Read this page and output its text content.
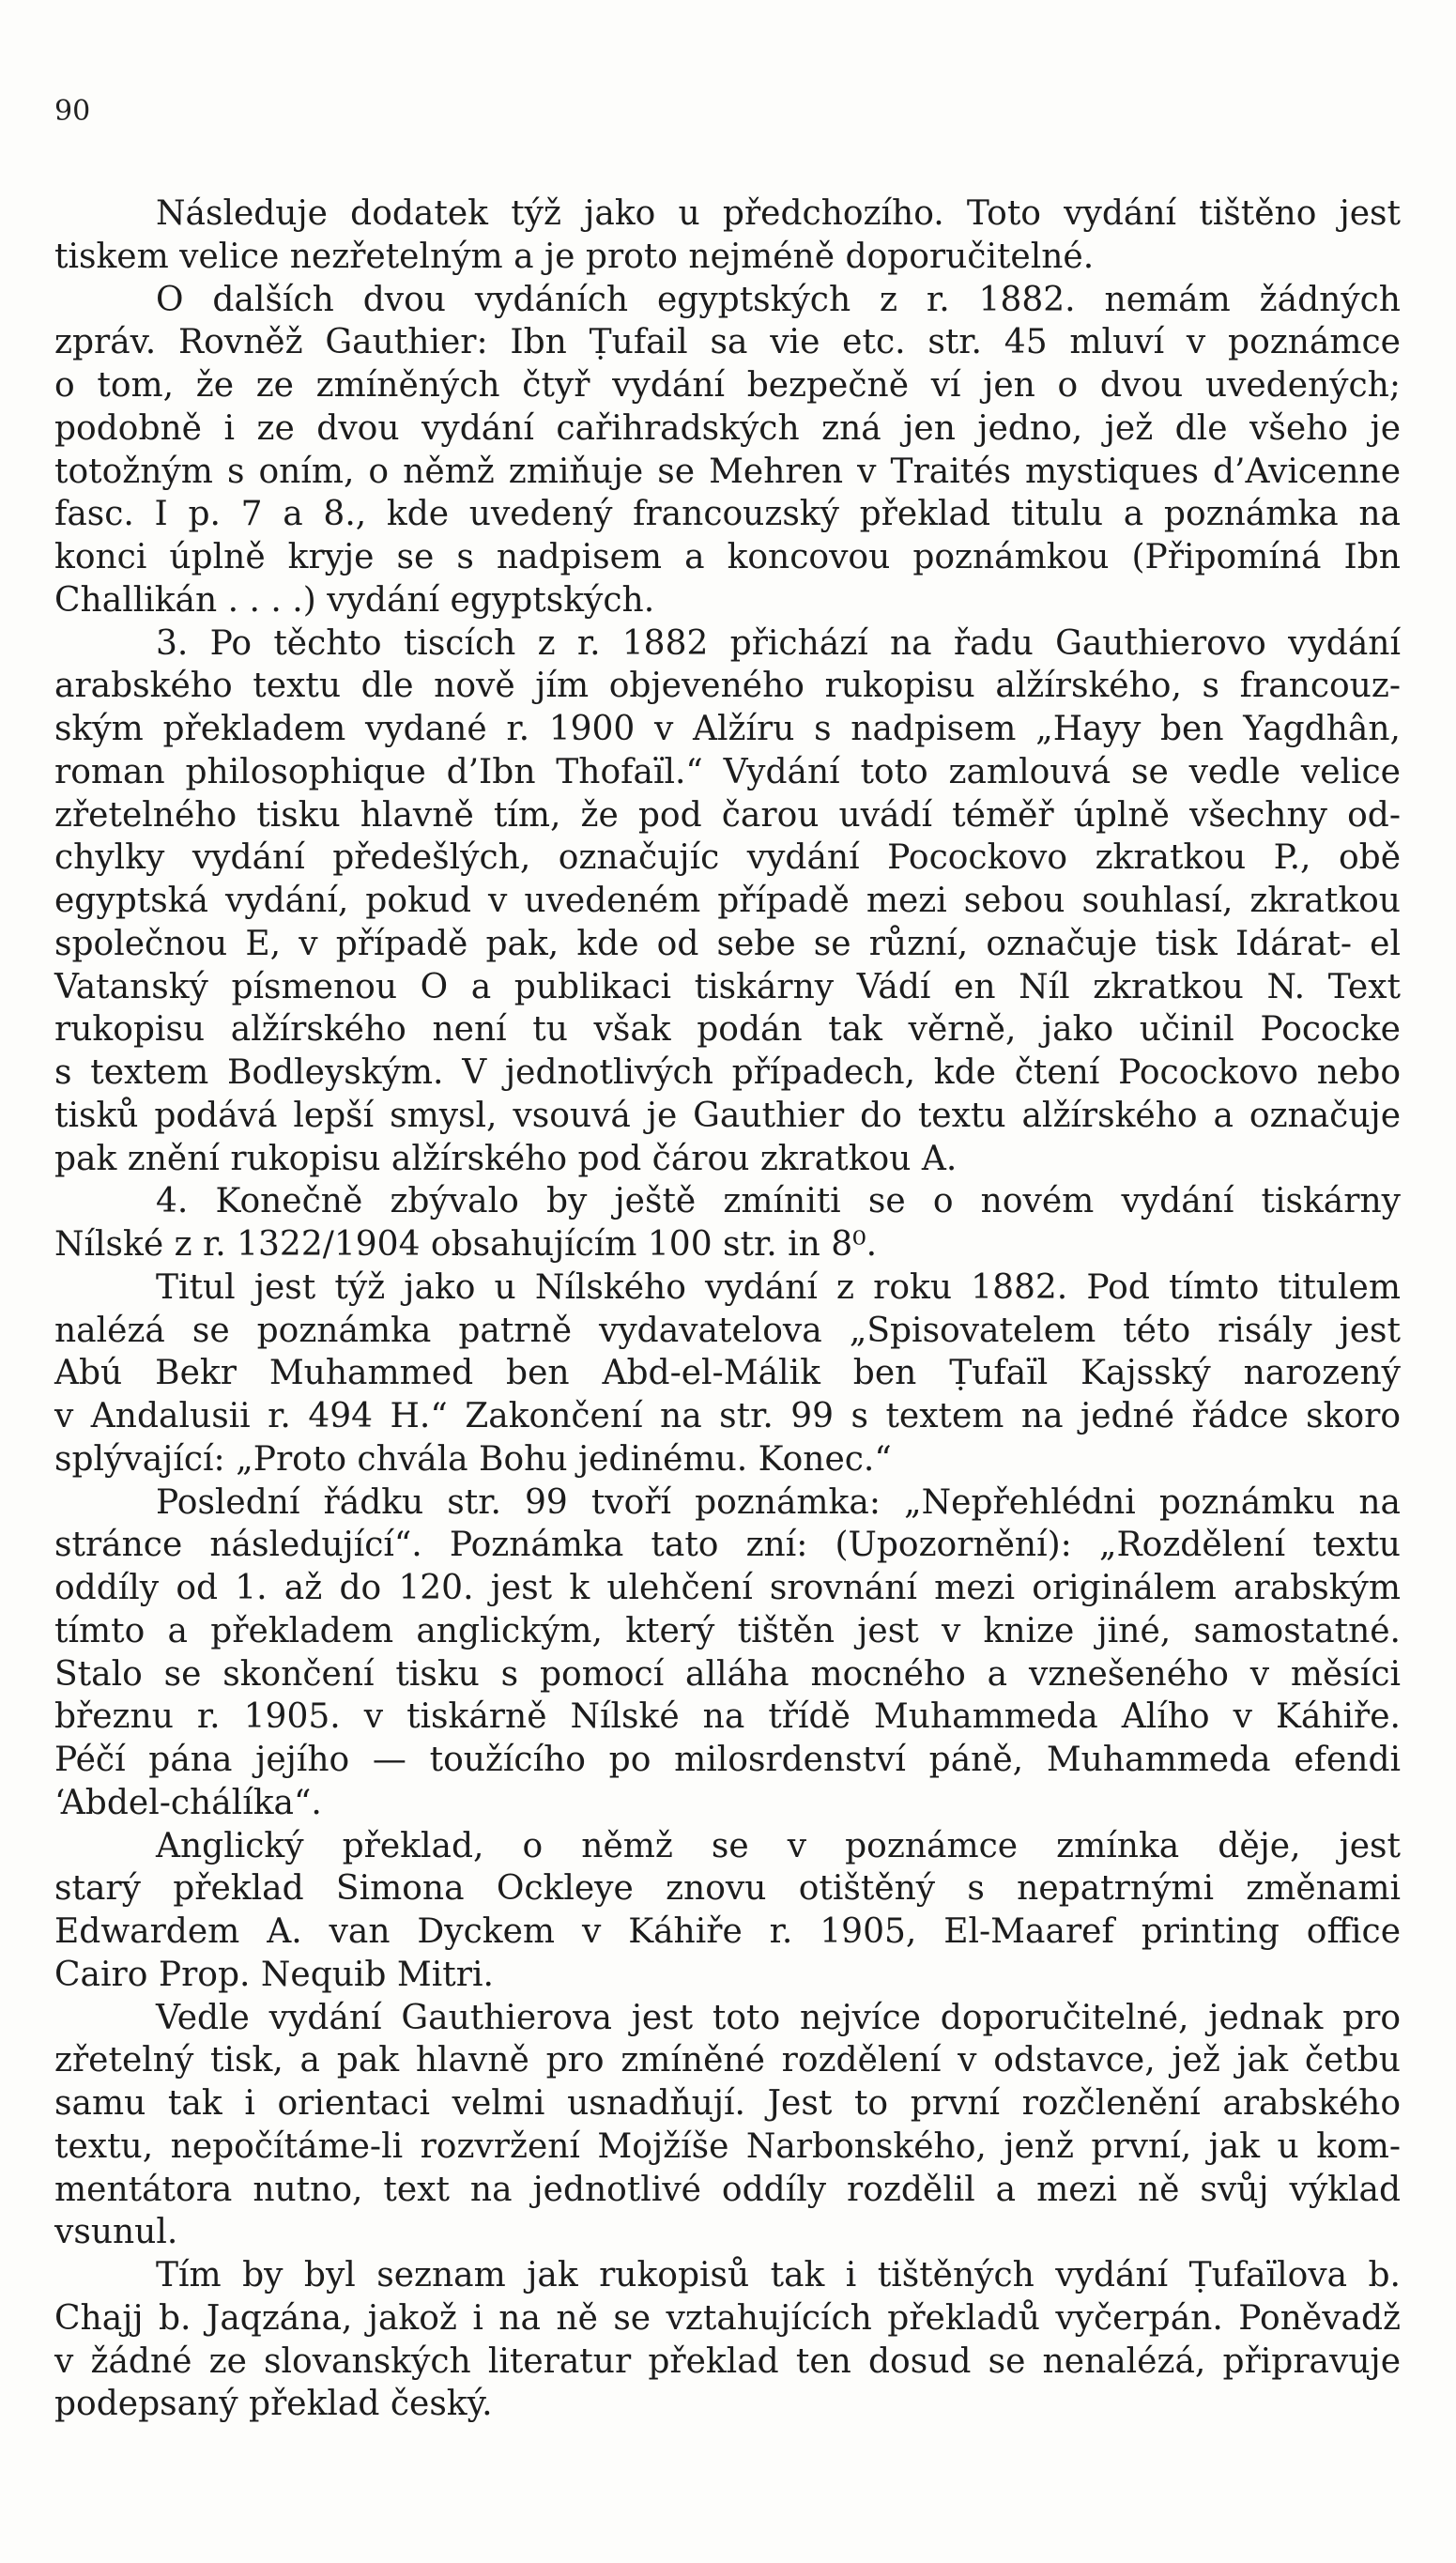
90
Následuje dodatek týž jako u předchozího. Toto vydání tištěno jest
tiskem velice nezřetelným a je proto nejméně doporučitelné.
O dalších dvou vydáních egyptských z r. 1882. nemám žádných
zpráv. Rovněž Gauthier: Ibn Ṭufail sa vie etc. str. 45 mluví v poznámce
o tom, že ze zmíněných čtyř vydání bezpečně ví jen o dvou uvedených;
podobně i ze dvou vydání cařihradských zná jen jedno, jež dle všeho je
totožným s oním, o němž zmiňuje se Mehren v Traités mystiques d’Avicenne
fasc. I p. 7 a 8., kde uvedený francouzský překlad titulu a poznámka na
konci úplně kryje se s nadpisem a koncovou poznámkou (Připomíná Ibn
Challikán . . . .) vydání egyptských.
3. Po těchto tiscích z r. 1882 přichází na řadu Gauthierovo vydání
arabského textu dle nově jím objeveného rukopisu alžírského, s francouz-
ským překladem vydané r. 1900 v Alžíru s nadpisem „Hayy ben Yagdhân,
roman philosophique d’Ibn Thofaïl.“ Vydání toto zamlouvá se vedle velice
zřetelného tisku hlavně tím, že pod čarou uvádí téměř úplně všechny od-
chylky vydání předešlých, označujíc vydání Pocockovo zkratkou P., obě
egyptská vydání, pokud v uvedeném případě mezi sebou souhlasí, zkratkou
společnou E, v případě pak, kde od sebe se různí, označuje tisk Idárat- el
Vatanský písmenou O a publikaci tiskárny Vádí en Níl zkratkou N. Text
rukopisu alžírského není tu však podán tak věrně, jako učinil Pococke
s textem Bodleyským. V jednotlivých případech, kde čtení Pocockovo nebo
tisků podává lepší smysl, vsouvá je Gauthier do textu alžírského a označuje
pak znění rukopisu alžírského pod čárou zkratkou A.
4. Konečně zbývalo by ještě zmíniti se o novém vydání tiskárny
Nílské z r. 1322/1904 obsahujícím 100 str. in 8⁰.
Titul jest týž jako u Nílského vydání z roku 1882. Pod tímto titulem
nalézá se poznámka patrně vydavatelova „Spisovatelem této risály jest
Abú Bekr Muhammed ben Abd-el-Málik ben Ṭufaïl Kajsský narozený
v Andalusii r. 494 H.“ Zakončení na str. 99 s textem na jedné řádce skoro
splývající: „Proto chvála Bohu jedinému. Konec.“
Poslední řádku str. 99 tvoří poznámka: „Nepřehlédni poznámku na
stránce následující“. Poznámka tato zní: (Upozornění): „Rozdělení textu
oddíly od 1. až do 120. jest k ulehčení srovnání mezi originálem arabským
tímto a překladem anglickým, který tištěn jest v knize jiné, samostatné.
Stalo se skončení tisku s pomocí alláha mocného a vznešeného v měsíci
březnu r. 1905. v tiskárně Nílské na třídě Muhammeda Alího v Káhiře.
Péčí pána jejího — toužícího po milosrdenství páně, Muhammeda efendi
‘Abdel-chálíka“.
Anglický překlad, o němž se v poznámce zmínka děje, jest
starý překlad Simona Ockleye znovu otištěný s nepatrnými změnami
Edwardem A. van Dyckem v Káhiře r. 1905, El-Maaref printing office
Cairo Prop. Nequib Mitri.
Vedle vydání Gauthierova jest toto nejvíce doporučitelné, jednak pro
zřetelný tisk, a pak hlavně pro zmíněné rozdělení v odstavce, jež jak četbu
samu tak i orientaci velmi usnadňují. Jest to první rozčlenění arabského
textu, nepočítáme-li rozvržení Mojžíše Narbonského, jenž první, jak u kom-
mentátora nutno, text na jednotlivé oddíly rozdělil a mezi ně svůj výklad
vsunul.
Tím by byl seznam jak rukopisů tak i tištěných vydání Ṭufaïlova b.
Chajj b. Jaqzána, jakož i na ně se vztahujících překladů vyčerpán. Poněvadž
v žádné ze slovanských literatur překlad ten dosud se nenalézá, připravuje
podepsaný překlad český.
